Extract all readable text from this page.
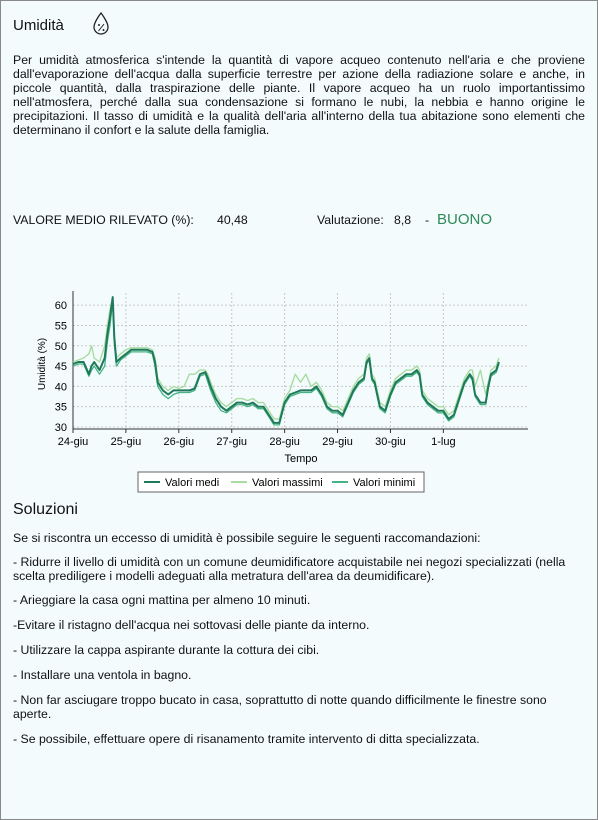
Umidità
Per umidità atmosferica s'intende la quantità di vapore acqueo contenuto nell'aria e che proviene dall'evaporazione dell'acqua dalla superficie terrestre per azione della radiazione solare e anche, in piccole quantità, dalla traspirazione delle piante. Il vapore acqueo ha un ruolo importantissimo nell'atmosfera, perché dalla sua condensazione si formano le nubi, la nebbia e hanno origine le precipitazioni. Il tasso di umidità e la qualità dell'aria all'interno della tua abitazione sono elementi che determinano il confort e la salute della famiglia.
VALORE MEDIO RILEVATO (%): 40,48	Valutazione: 8,8 - BUONO
30
35
40
45
50
55
60
24-giu 25-giu 26-giu 27-giu 28-giu 29-giu 30-giu 1-lug
Tempo
Umidità (%)
Valori medi	Valori massimi	Valori minimi
Soluzioni

Se si riscontra un eccesso di umidità è possibile seguire le seguenti raccomandazioni:

- Ridurre il livello di umidità con un comune deumidificatore acquistabile nei negozi specializzati (nella scelta prediligere i modelli adeguati alla metratura dell'area da deumidificare).

- Arieggiare la casa ogni mattina per almeno 10 minuti.

-Evitare il ristagno dell'acqua nei sottovasi delle piante da interno.

- Utilizzare la cappa aspirante durante la cottura dei cibi.

- Installare una ventola in bagno.

- Non far asciugare troppo bucato in casa, soprattutto di notte quando difficilmente le finestre sono aperte.

- Se possibile, effettuare opere di risanamento tramite intervento di ditta specializzata.
